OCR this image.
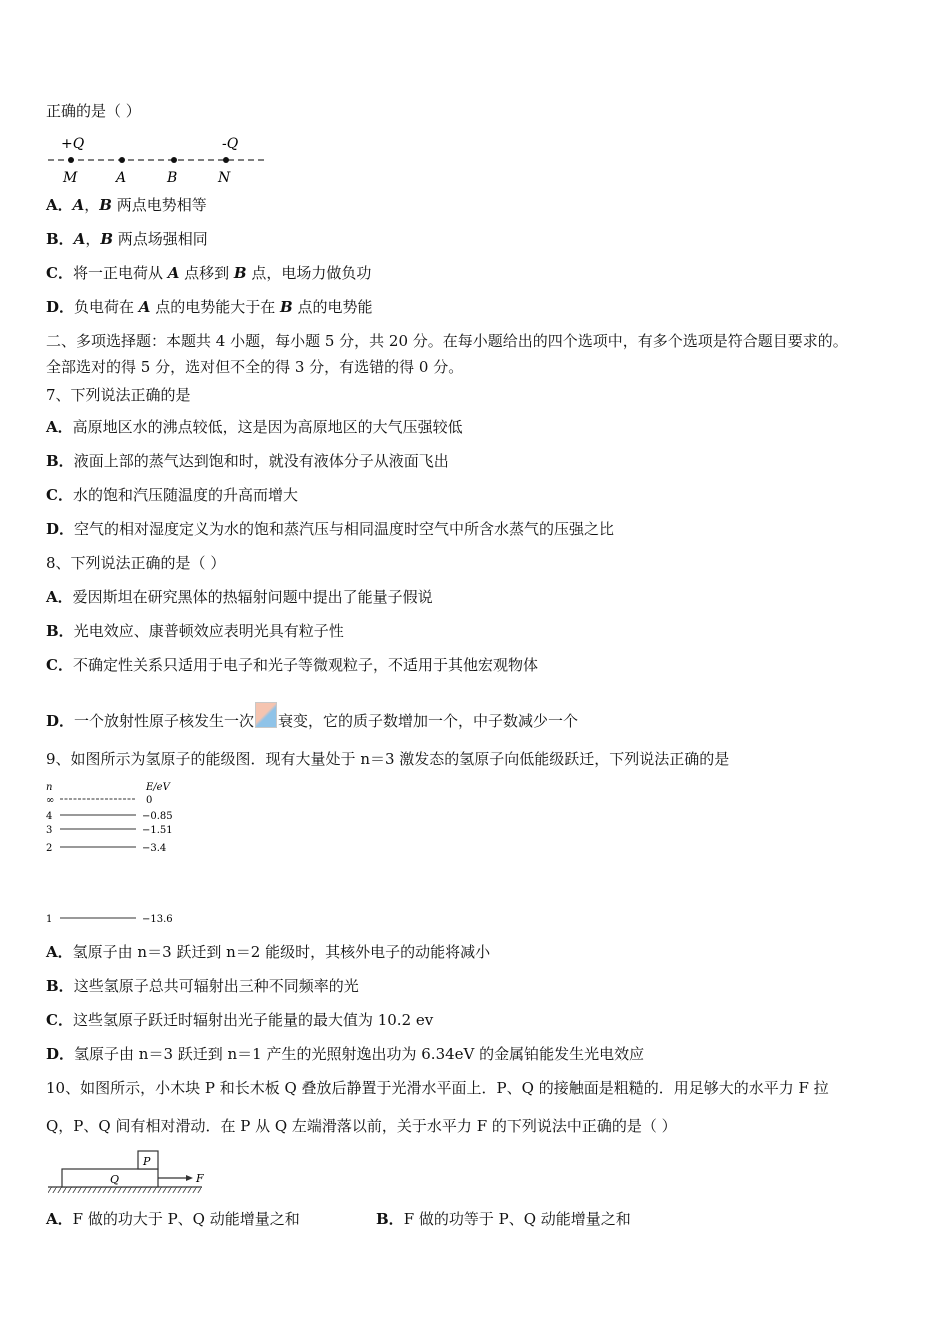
正确的是（ ）
+Q	-Q
M	A	B	N
A．A，B 两点电势相等
B．A，B 两点场强相同
C．将一正电荷从 A 点移到 B 点，电场力做负功
D．负电荷在 A 点的电势能大于在 B 点的电势能
二、多项选择题：本题共 4 小题，每小题 5 分，共 20 分。在每小题给出的四个选项中，有多个选项是符合题目要求的。
全部选对的得 5 分，选对但不全的得 3 分，有选错的得 0 分。
7、下列说法正确的是
A．高原地区水的沸点较低，这是因为高原地区的大气压强较低
B．液面上部的蒸气达到饱和时，就没有液体分子从液面飞出
C．水的饱和汽压随温度的升高而增大
D．空气的相对湿度定义为水的饱和蒸汽压与相同温度时空气中所含水蒸气的压强之比
8、下列说法正确的是（ ）
A．爱因斯坦在研究黑体的热辐射问题中提出了能量子假说
B．光电效应、康普顿效应表明光具有粒子性
C．不确定性关系只适用于电子和光子等微观粒子，不适用于其他宏观物体
D．一个放射性原子核发生一次 衰变，它的质子数增加一个，中子数减少一个
9、如图所示为氢原子的能级图．现有大量处于 n＝3 激发态的氢原子向低能级跃迁，下列说法正确的是
n	E/eV
∞	0
4	−0.85
3	−1.51
2	−3.4
1	−13.6
A．氢原子由 n＝3 跃迁到 n＝2 能级时，其核外电子的动能将减小
B．这些氢原子总共可辐射出三种不同频率的光
C．这些氢原子跃迁时辐射出光子能量的最大值为 10.2 ev
D．氢原子由 n＝3 跃迁到 n＝1 产生的光照射逸出功为 6.34eV 的金属铂能发生光电效应
10、如图所示，小木块 P 和长木板 Q 叠放后静置于光滑水平面上．P、Q 的接触面是粗糙的．用足够大的水平力 F 拉
Q，P、Q 间有相对滑动．在 P 从 Q 左端滑落以前，关于水平力 F 的下列说法中正确的是（ ）
P
Q	F
A．F 做的功大于 P、Q 动能增量之和	B．F 做的功等于 P、Q 动能增量之和
